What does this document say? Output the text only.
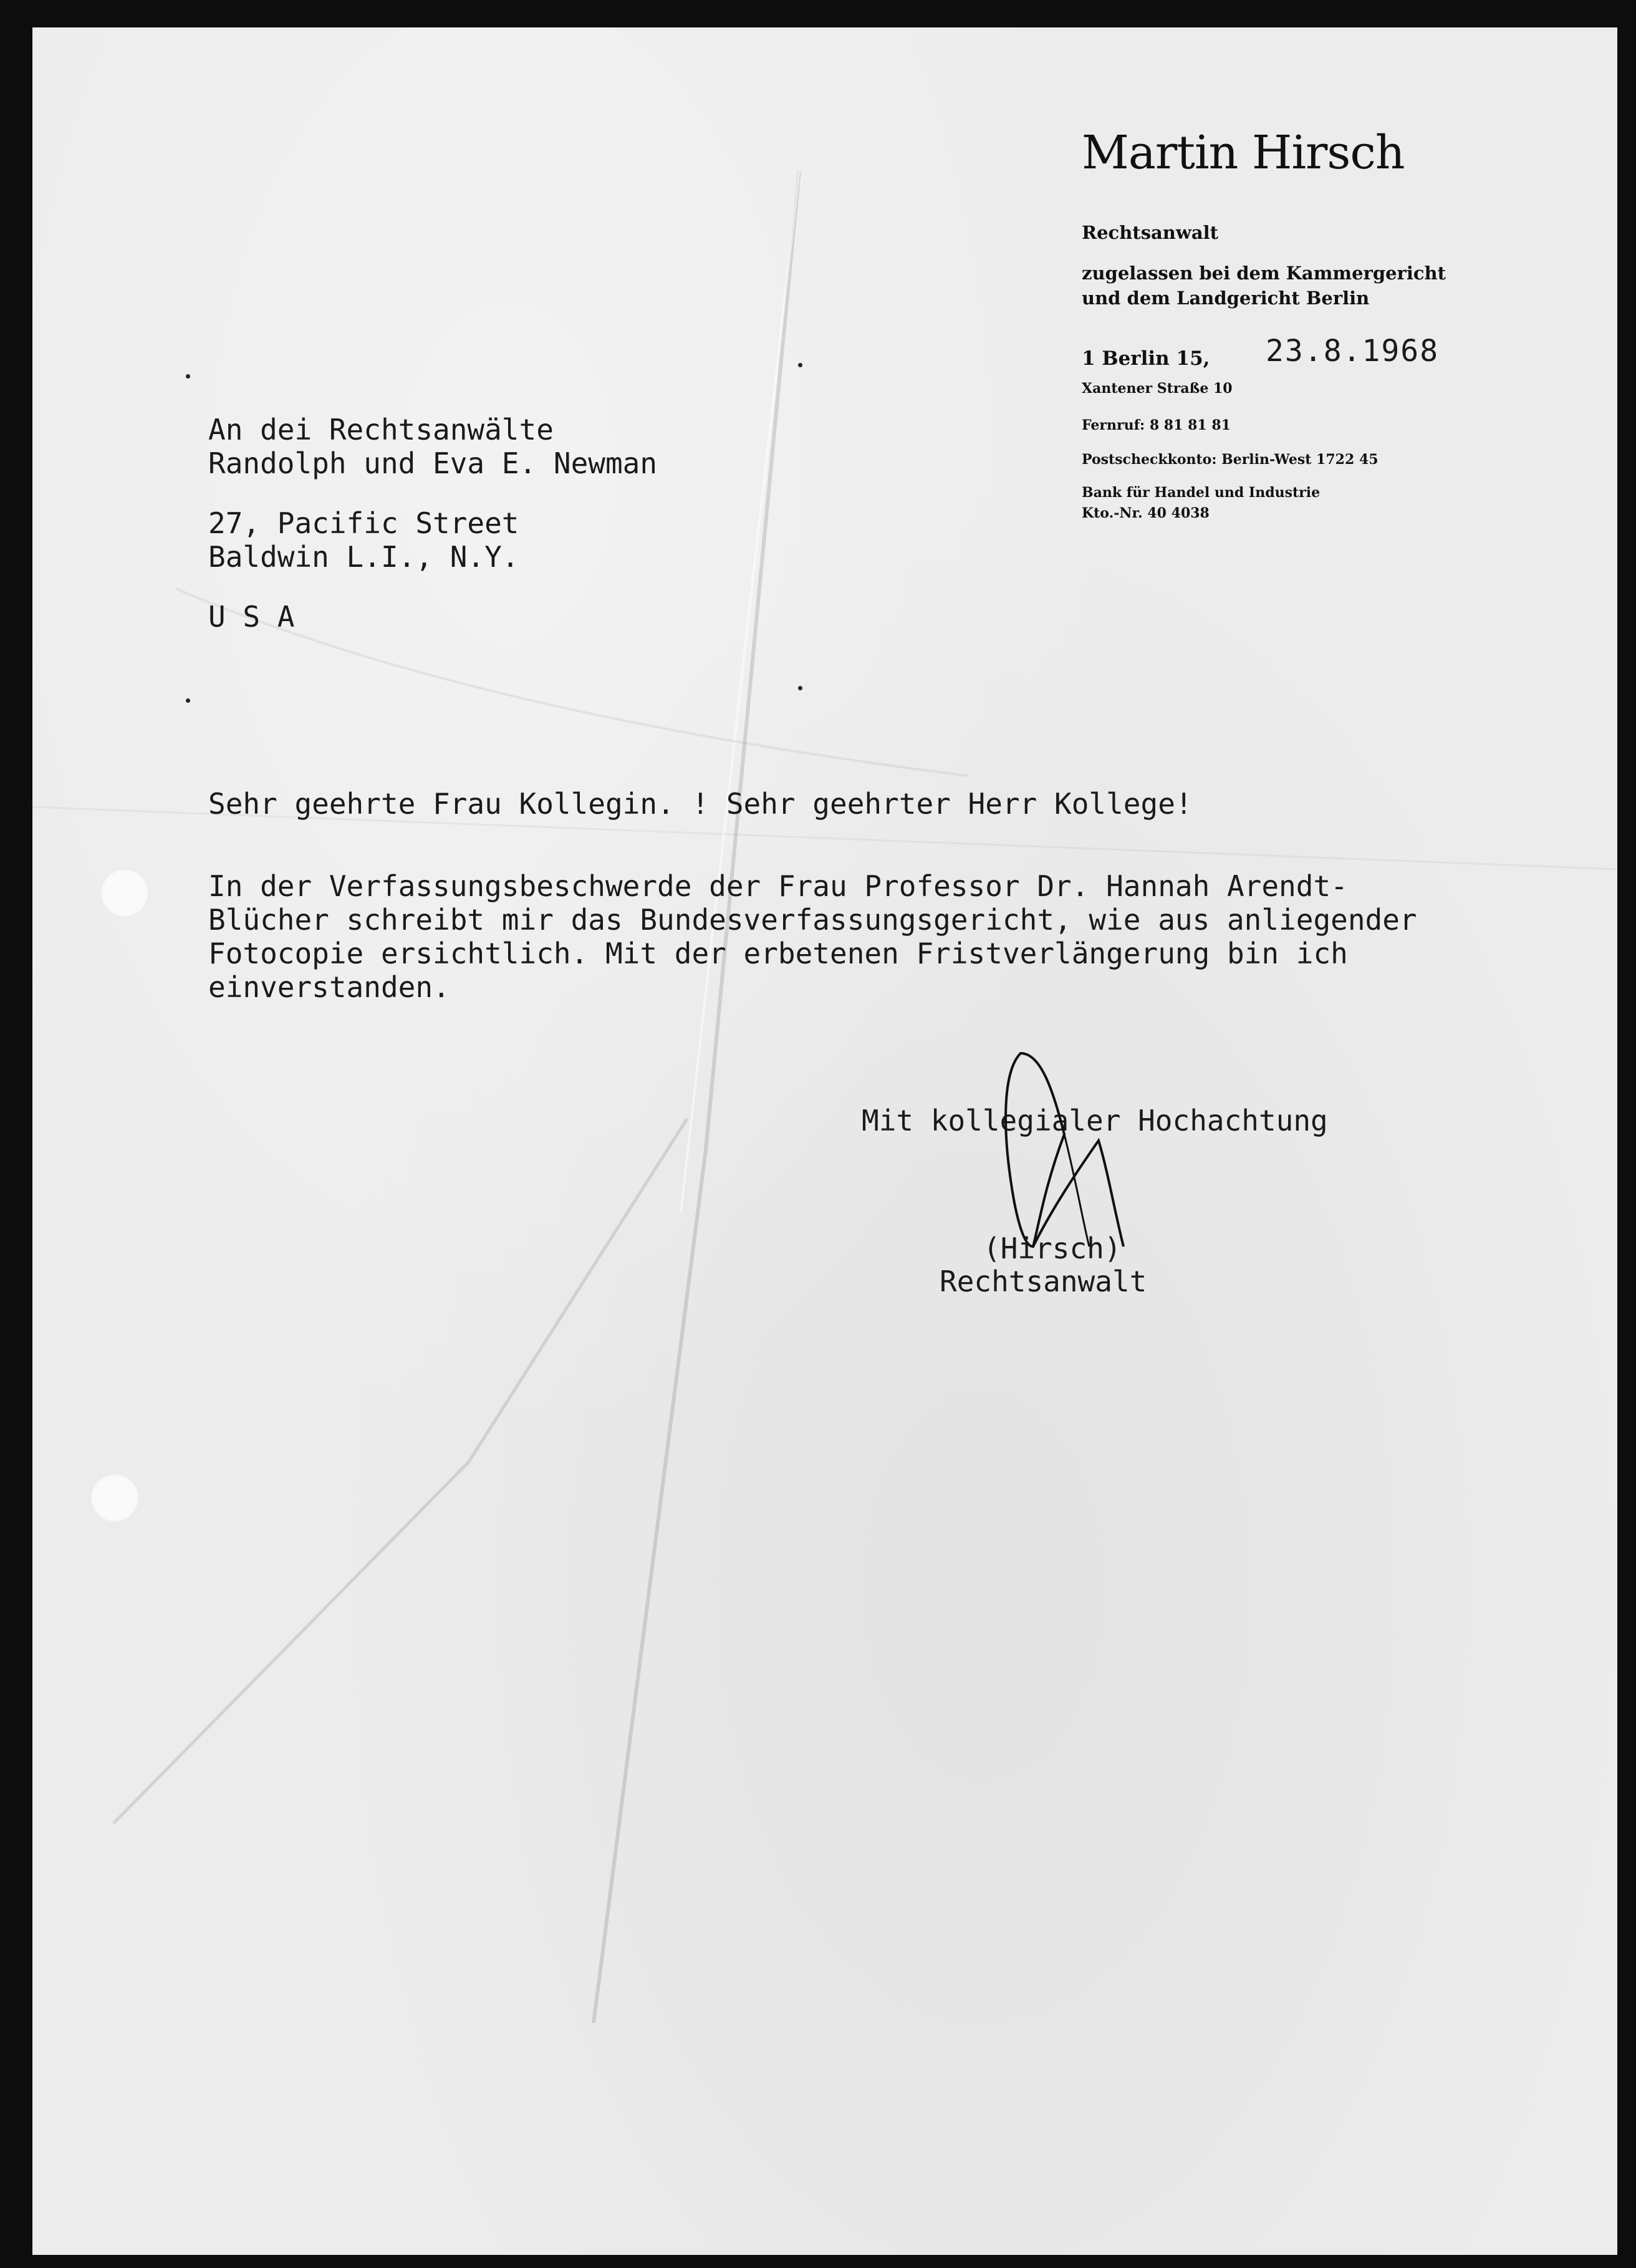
Martin Hirsch

Rechtsanwalt

zugelassen bei dem Kammergericht

und dem Landgericht Berlin

1 Berlin 15,

Xantener Straße 10

Fernruf: 8 81 81 81

Postscheckkonto: Berlin-West 1722 45

Bank für Handel und Industrie

Kto.-Nr. 40 4038

23.8.1968

An dei Rechtsanwälte

Randolph und Eva E. Newman

27, Pacific Street

Baldwin L.I., N.Y.

U S A

Sehr geehrte Frau Kollegin. ! Sehr geehrter Herr Kollege!

In der Verfassungsbeschwerde der Frau Professor Dr. Hannah Arendt-

Blücher schreibt mir das Bundesverfassungsgericht, wie aus anliegender

Fotocopie ersichtlich. Mit der erbetenen Fristverlängerung bin ich

einverstanden.

Mit kollegialer Hochachtung

(Hirsch)

Rechtsanwalt
